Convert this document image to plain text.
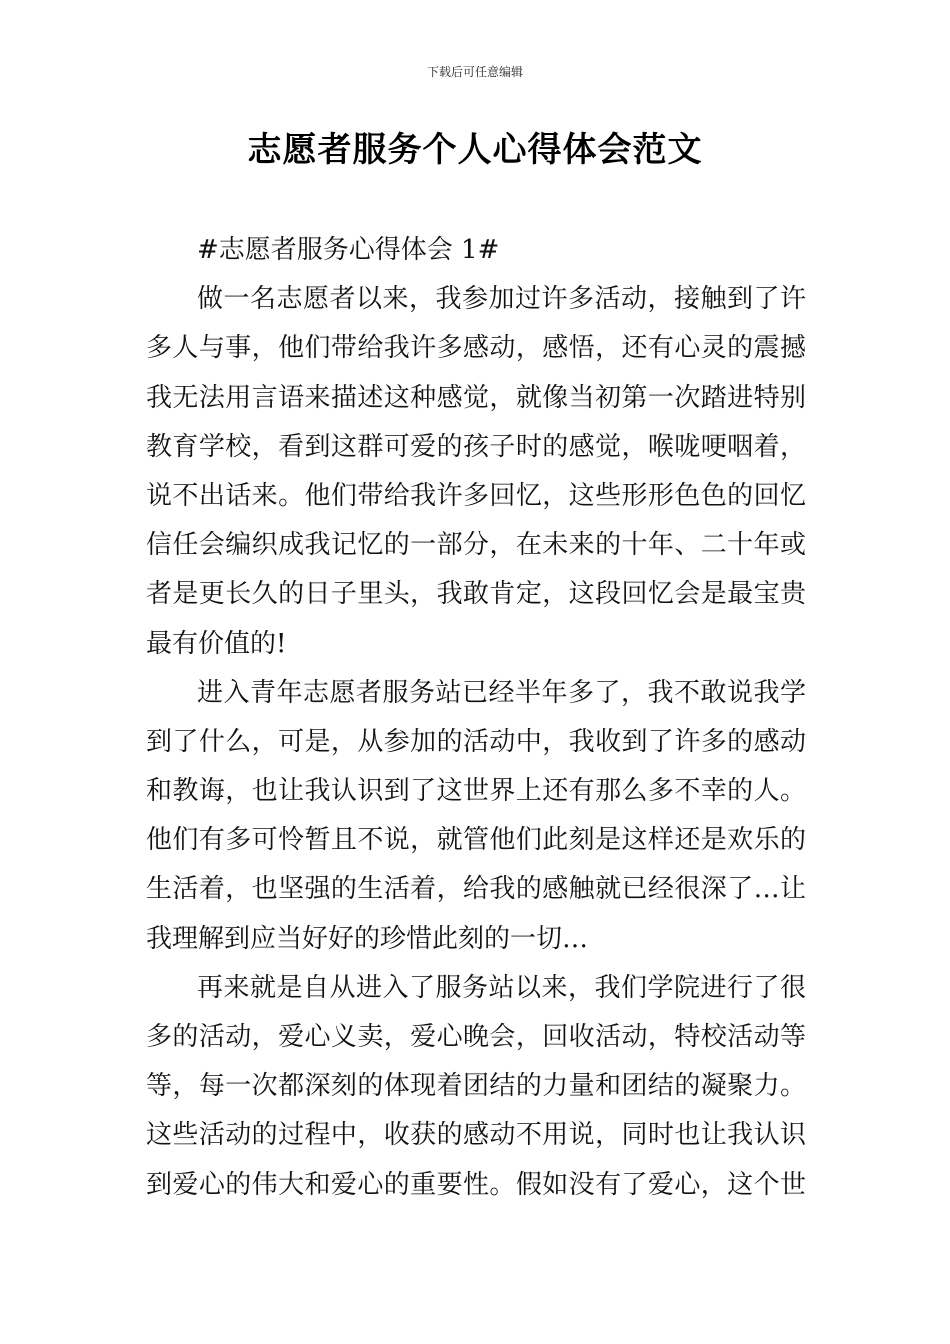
下载后可任意编辑
志愿者服务个人心得体会范文
#志愿者服务心得体会 1#
做一名志愿者以来，我参加过许多活动，接触到了许
多人与事，他们带给我许多感动，感悟，还有心灵的震撼
我无法用言语来描述这种感觉，就像当初第一次踏进特别
教育学校，看到这群可爱的孩子时的感觉，喉咙哽咽着，
说不出话来。他们带给我许多回忆，这些形形色色的回忆
信任会编织成我记忆的一部分，在未来的十年、二十年或
者是更长久的日子里头，我敢肯定，这段回忆会是最宝贵
最有价值的!
进入青年志愿者服务站已经半年多了，我不敢说我学
到了什么，可是，从参加的活动中，我收到了许多的感动
和教诲，也让我认识到了这世界上还有那么多不幸的人。
他们有多可怜暂且不说，就管他们此刻是这样还是欢乐的
生活着，也坚强的生活着，给我的感触就已经很深了…让
我理解到应当好好的珍惜此刻的一切…
再来就是自从进入了服务站以来，我们学院进行了很
多的活动，爱心义卖，爱心晚会，回收活动，特校活动等
等，每一次都深刻的体现着团结的力量和团结的凝聚力。
这些活动的过程中，收获的感动不用说，同时也让我认识
到爱心的伟大和爱心的重要性。假如没有了爱心，这个世
